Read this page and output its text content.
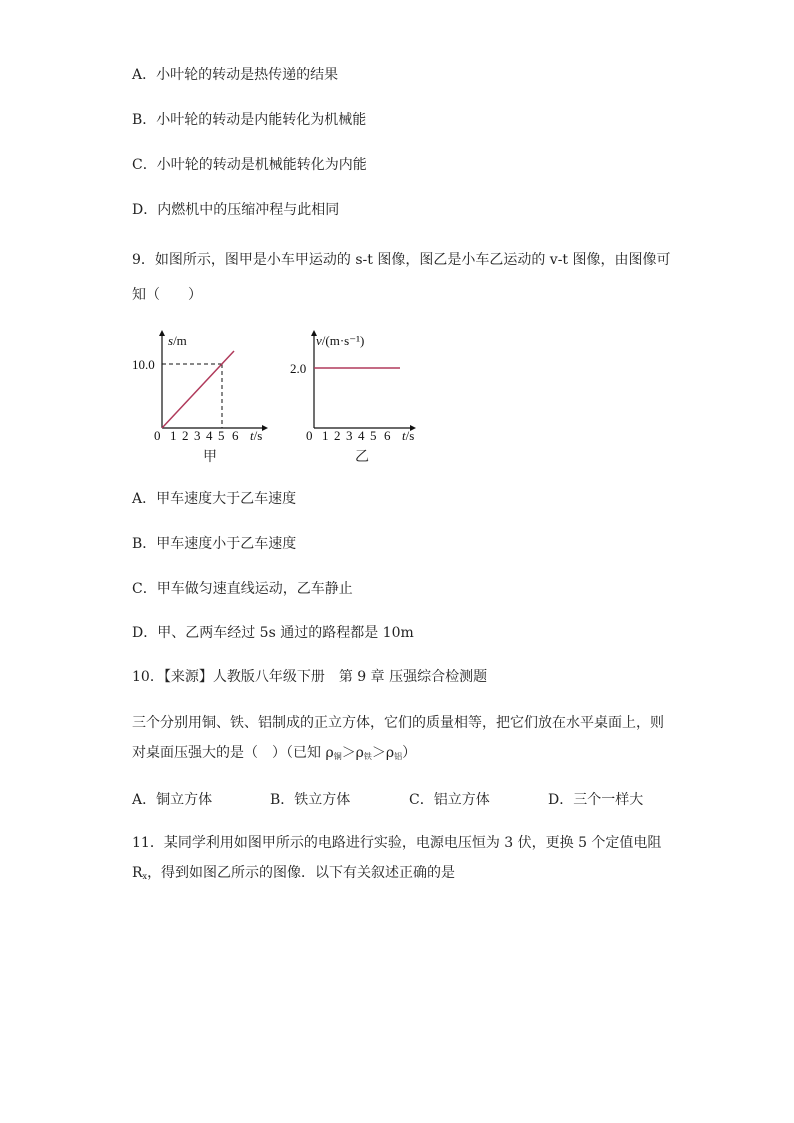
A．小叶轮的转动是热传递的结果
B．小叶轮的转动是内能转化为机械能
C．小叶轮的转动是机械能转化为内能
D．内燃机中的压缩冲程与此相同
9．如图所示，图甲是小车甲运动的 s-t 图像，图乙是小车乙运动的 v-t 图像，由图像可
知（　　）
s/m
10.0
0 1 2 3 4 5 6 t/s
甲
v/(m·s⁻¹)
2.0
0 1 2 3 4 5 6 t/s
乙
A．甲车速度大于乙车速度
B．甲车速度小于乙车速度
C．甲车做匀速直线运动，乙车静止
D．甲、乙两车经过 5s 通过的路程都是 10m
10．【来源】人教版八年级下册　第 9 章 压强综合检测题
三个分别用铜、铁、铝制成的正立方体，它们的质量相等，把它们放在水平桌面上，则
对桌面压强大的是（　）（已知 $\rho_铜>\rho_铁>\rho_铝$）
A．铜立方体	B．铁立方体	C．铝立方体	D．三个一样大
11．某同学利用如图甲所示的电路进行实验，电源电压恒为 3 伏，更换 5 个定值电阻
$R_x$，得到如图乙所示的图像．以下有关叙述正确的是
